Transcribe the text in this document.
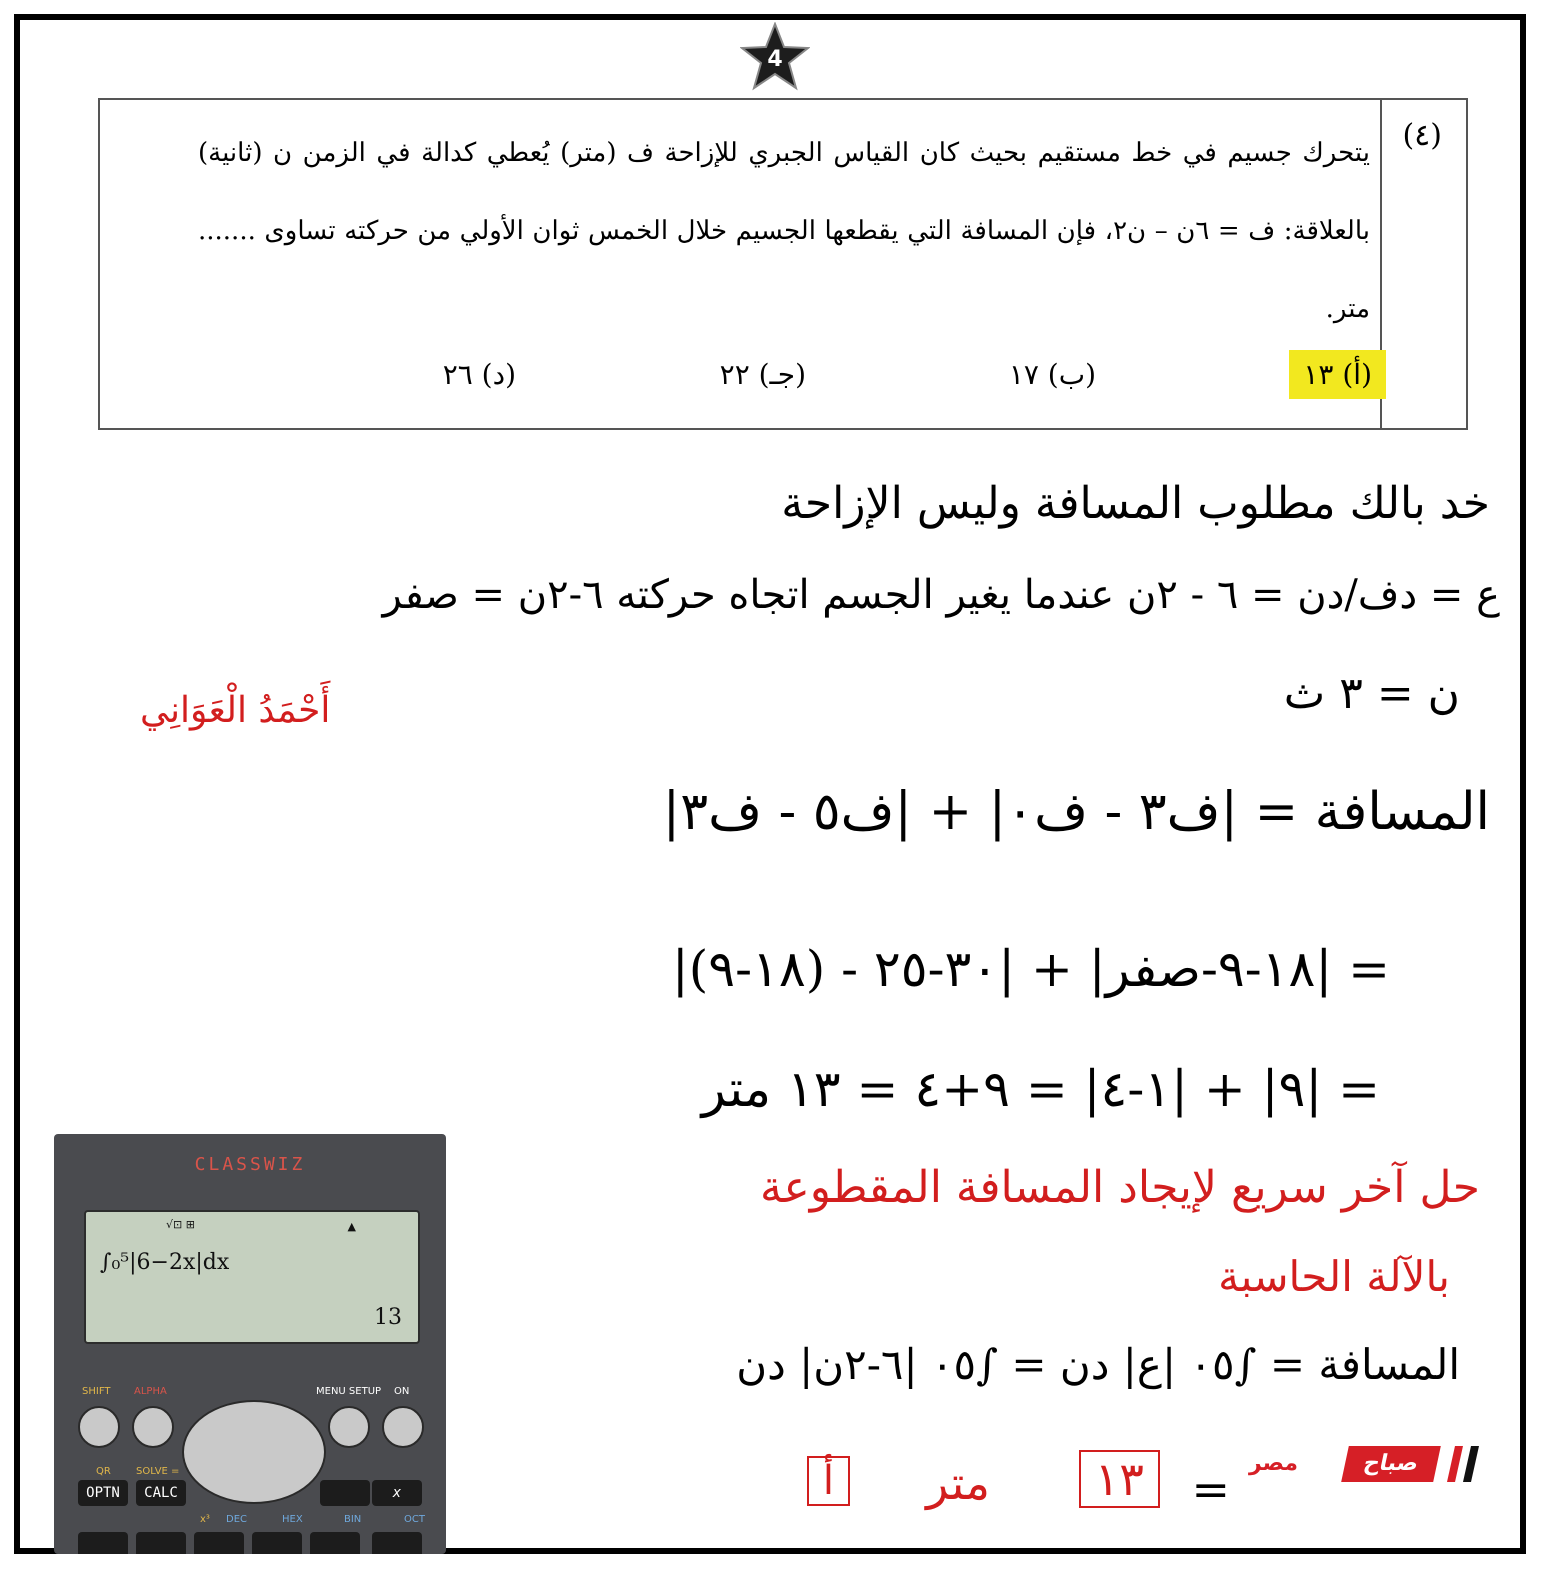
4
(٤)
يتحرك جسيم في خط مستقيم بحيث كان القياس الجبري للإزاحة ف (متر) يُعطي كدالة في الزمن ن (ثانية) بالعلاقة: ف = ٦ن – ن٢، فإن المسافة التي يقطعها الجسيم خلال الخمس ثوان الأولي من حركته تساوى ....... متر.
(أ) ١٣
(ب) ١٧
(جـ) ٢٢
(د) ٢٦
خد بالك مطلوب المسافة وليس الإزاحة
ع = دف/دن = ٦ - ٢ن عندما يغير الجسم اتجاه حركته ٦-٢ن = صفر
ن = ٣ ث
أَحْمَدُ الْعَوَانِي
المسافة = |ف٣ - ف٠| + |ف٥ - ف٣|
= |١٨-٩-صفر| + |٣٠-٢٥ - (١٨-٩)|
= |٩| + |١-٤| = ٩+٤ = ١٣ متر
حل آخر سريع لإيجاد المسافة المقطوعة
بالآلة الحاسبة
المسافة = ∫٠٥ |ع| دن = ∫٠٥ |٦-٢ن| دن
=
١٣
متر
أ
CLASSWIZ
√⊡ ⊞	▲
∫₀⁵|6−2x|dx
13
SHIFT ALPHA	MENU SETUP ON
QR	SOLVE =
OPTN	CALC	x
x³ DEC	HEX	BIN	OCT
مصر	صباح
